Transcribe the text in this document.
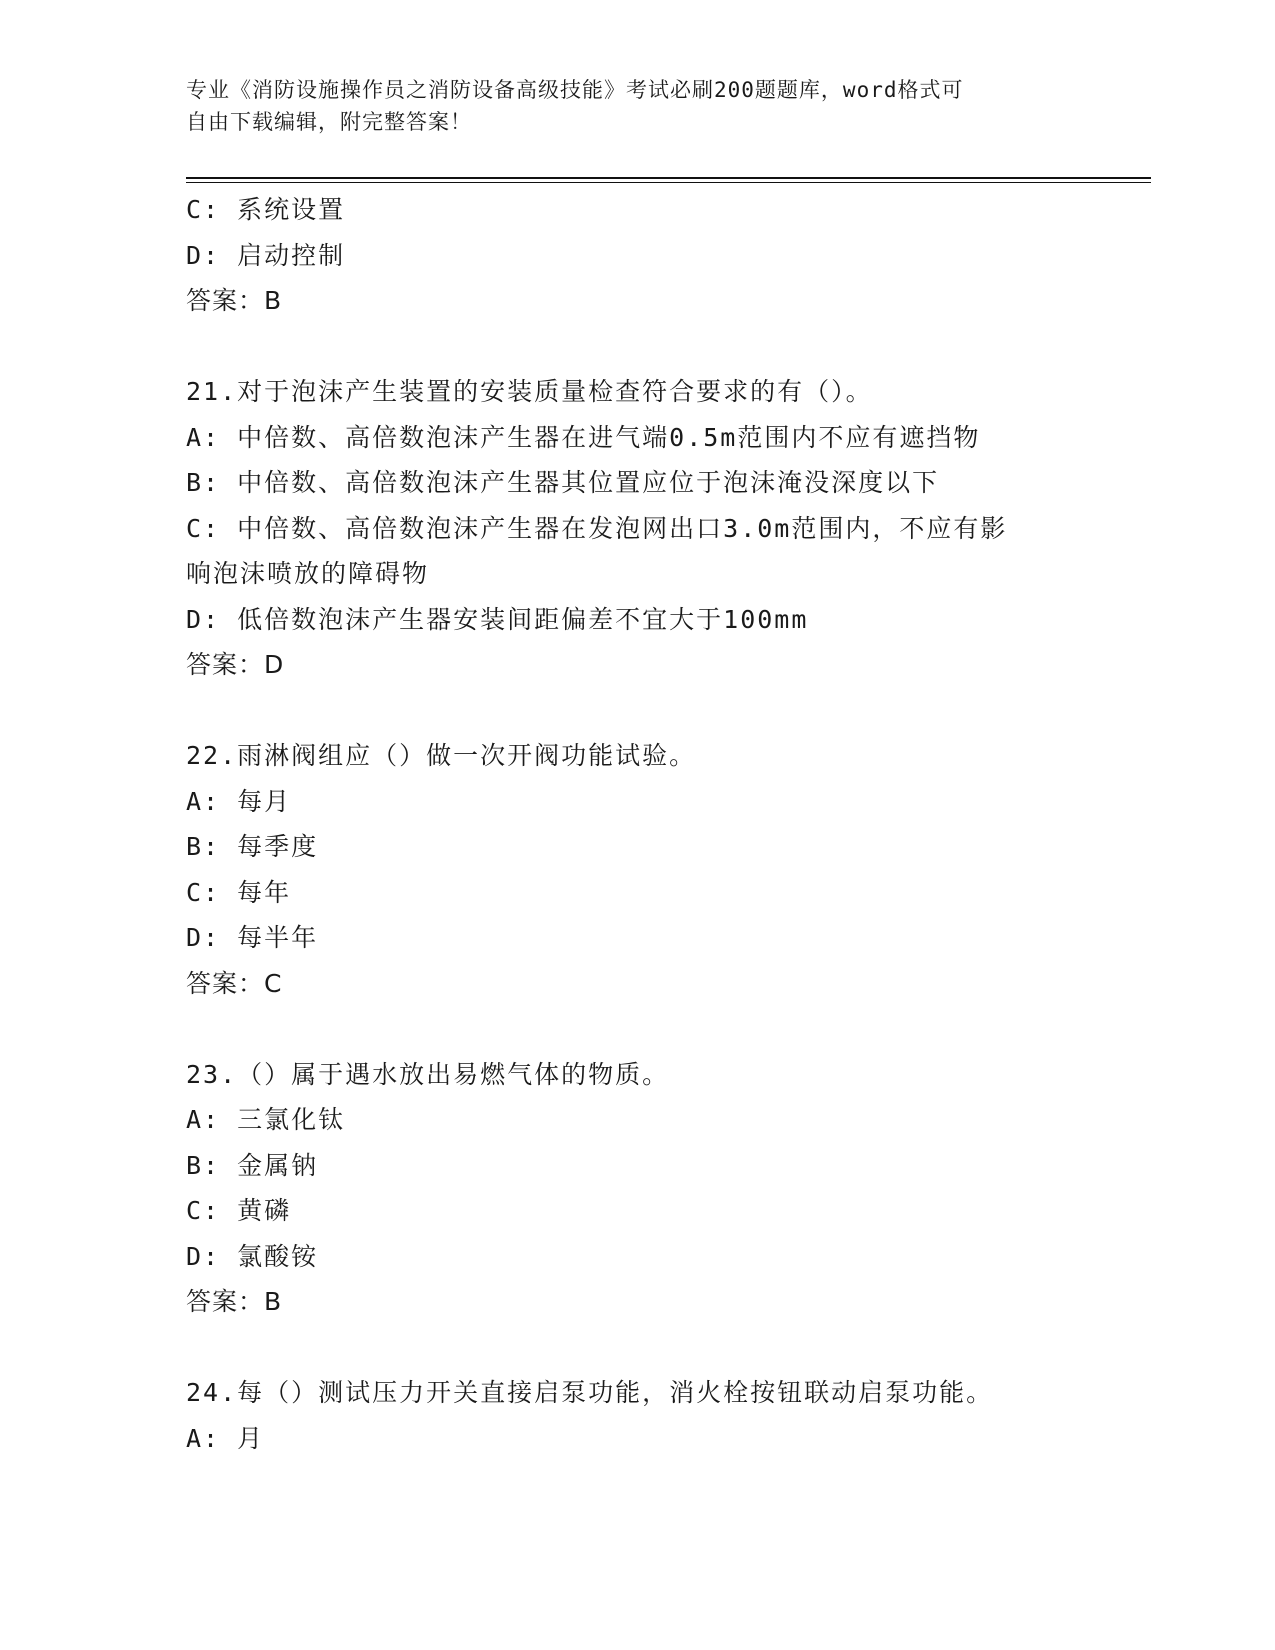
专业《消防设施操作员之消防设备高级技能》考试必刷200题题库，word格式可
自由下载编辑，附完整答案！
C: 系统设置
D: 启动控制
答案：B
21.对于泡沫产生装置的安装质量检查符合要求的有（）。
A: 中倍数、高倍数泡沫产生器在进气端0.5m范围内不应有遮挡物
B: 中倍数、高倍数泡沫产生器其位置应位于泡沫淹没深度以下
C: 中倍数、高倍数泡沫产生器在发泡网出口3.0m范围内，不应有影
响泡沫喷放的障碍物
D: 低倍数泡沫产生器安装间距偏差不宜大于100mm
答案：D
22.雨淋阀组应（）做一次开阀功能试验。
A: 每月
B: 每季度
C: 每年
D: 每半年
答案：C
23.（）属于遇水放出易燃气体的物质。
A: 三氯化钛
B: 金属钠
C: 黄磷
D: 氯酸铵
答案：B
24.每（）测试压力开关直接启泵功能，消火栓按钮联动启泵功能。
A: 月
